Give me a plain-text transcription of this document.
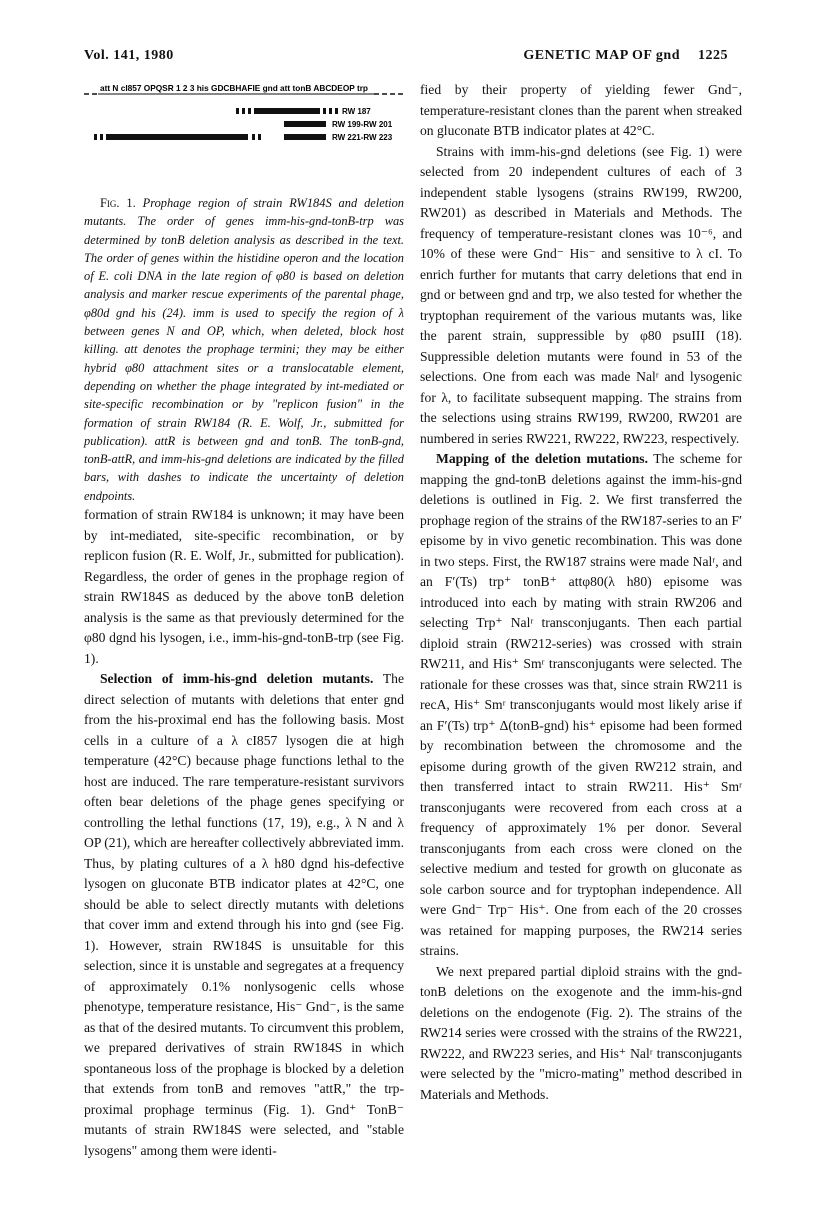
Vol. 141, 1980	GENETIC MAP OF gnd 1225
att N cI857 OPQSR 1 2 3 his GDCBHAFIE gnd att tonB ABCDEOP trp
RW 187
RW 199-RW 201
RW 221-RW 223

Fig. 1. Prophage region of strain RW184S and deletion mutants. The order of genes imm-his-gnd-tonB-trp was determined by tonB deletion analysis as described in the text. The order of genes within the histidine operon and the location of E. coli DNA in the late region of φ80 is based on deletion analysis and marker rescue experiments of the parental phage, φ80d gnd his (24). imm is used to specify the region of λ between genes N and OP, which, when deleted, block host killing. att denotes the prophage termini; they may be either hybrid φ80 attachment sites or a translocatable element, depending on whether the phage integrated by int-mediated or site-specific recombination or by "replicon fusion" in the formation of strain RW184 (R. E. Wolf, Jr., submitted for publication). attR is between gnd and tonB. The tonB-gnd, tonB-attR, and imm-his-gnd deletions are indicated by the filled bars, with dashes to indicate the uncertainty of deletion endpoints.

formation of strain RW184 is unknown; it may have been by int-mediated, site-specific recombination, or by replicon fusion (R. E. Wolf, Jr., submitted for publication). Regardless, the order of genes in the prophage region of strain RW184S as deduced by the above tonB deletion analysis is the same as that previously determined for the φ80 dgnd his lysogen, i.e., imm-his-gnd-tonB-trp (see Fig. 1).

Selection of imm-his-gnd deletion mutants. The direct selection of mutants with deletions that enter gnd from the his-proximal end has the following basis. Most cells in a culture of a λ cI857 lysogen die at high temperature (42°C) because phage functions lethal to the host are induced. The rare temperature-resistant survivors often bear deletions of the phage genes specifying or controlling the lethal functions (17, 19), e.g., λ N and λ OP (21), which are hereafter collectively abbreviated imm. Thus, by plating cultures of a λ h80 dgnd his-defective lysogen on gluconate BTB indicator plates at 42°C, one should be able to select directly mutants with deletions that cover imm and extend through his into gnd (see Fig. 1). However, strain RW184S is unsuitable for this selection, since it is unstable and segregates at a frequency of approximately 0.1% nonlysogenic cells whose phenotype, temperature resistance, His⁻ Gnd⁻, is the same as that of the desired mutants. To circumvent this problem, we prepared derivatives of strain RW184S in which spontaneous loss of the prophage is blocked by a deletion that extends from tonB and removes "attR," the trp-proximal prophage terminus (Fig. 1). Gnd⁺ TonB⁻ mutants of strain RW184S were selected, and "stable lysogens" among them were identi-

fied by their property of yielding fewer Gnd⁻, temperature-resistant clones than the parent when streaked on gluconate BTB indicator plates at 42°C.

Strains with imm-his-gnd deletions (see Fig. 1) were selected from 20 independent cultures of each of 3 independent stable lysogens (strains RW199, RW200, RW201) as described in Materials and Methods. The frequency of temperature-resistant clones was 10⁻⁶, and 10% of these were Gnd⁻ His⁻ and sensitive to λ cI. To enrich further for mutants that carry deletions that end in gnd or between gnd and trp, we also tested for whether the tryptophan requirement of the various mutants was, like the parent strain, suppressible by φ80 psuIII (18). Suppressible deletion mutants were found in 53 of the selections. One from each was made Nalʳ and lysogenic for λ, to facilitate subsequent mapping. The strains from the selections using strains RW199, RW200, RW201 are numbered in series RW221, RW222, RW223, respectively.

Mapping of the deletion mutations. The scheme for mapping the gnd-tonB deletions against the imm-his-gnd deletions is outlined in Fig. 2. We first transferred the prophage region of the strains of the RW187-series to an F′ episome by in vivo genetic recombination. This was done in two steps. First, the RW187 strains were made Nalʳ, and an F′(Ts) trp⁺ tonB⁺ attφ80(λ h80) episome was introduced into each by mating with strain RW206 and selecting Trp⁺ Nalʳ transconjugants. Then each partial diploid strain (RW212-series) was crossed with strain RW211, and His⁺ Smʳ transconjugants were selected. The rationale for these crosses was that, since strain RW211 is recA, His⁺ Smʳ transconjugants would most likely arise if an F′(Ts) trp⁺ Δ(tonB-gnd) his⁺ episome had been formed by recombination between the chromosome and the episome during growth of the given RW212 strain, and then transferred intact to strain RW211. His⁺ Smʳ transconjugants were recovered from each cross at a frequency of approximately 1% per donor. Several transconjugants from each cross were cloned on the selective medium and tested for growth on gluconate as sole carbon source and for tryptophan independence. All were Gnd⁻ Trp⁻ His⁺. One from each of the 20 crosses was retained for mapping purposes, the RW214 series strains.

We next prepared partial diploid strains with the gnd-tonB deletions on the exogenote and the imm-his-gnd deletions on the endogenote (Fig. 2). The strains of the RW214 series were crossed with the strains of the RW221, RW222, and RW223 series, and His⁺ Nalʳ transconjugants were selected by the "micro-mating" method described in Materials and Methods.
